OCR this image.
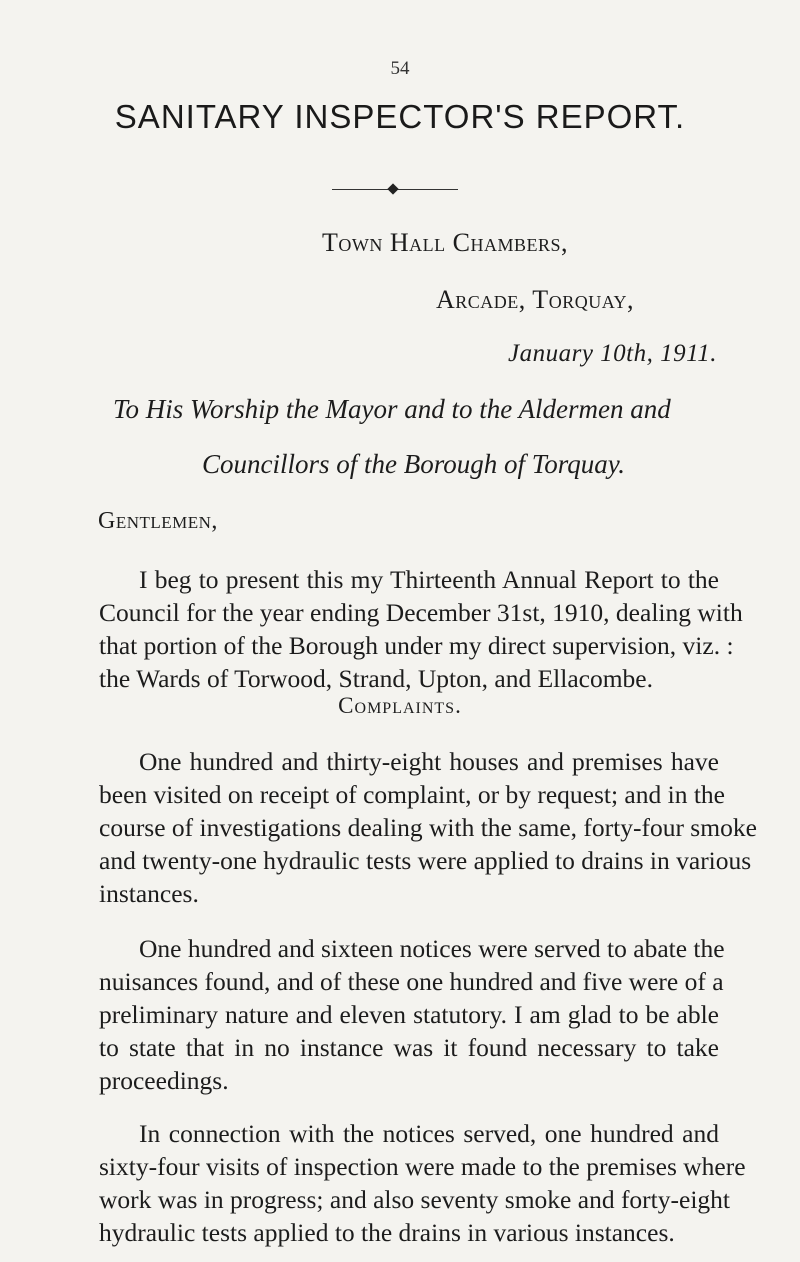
54
SANITARY INSPECTOR'S REPORT.
Town Hall Chambers,
Arcade, Torquay,
January 10th, 1911.
To His Worship the Mayor and to the Aldermen and
Councillors of the Borough of Torquay.
Gentlemen,
I beg to present this my Thirteenth Annual Report to the
Council for the year ending December 31st, 1910, dealing with
that portion of the Borough under my direct supervision, viz. :
the Wards of Torwood, Strand, Upton, and Ellacombe.
Complaints.
One hundred and thirty-eight houses and premises have
been visited on receipt of complaint, or by request; and in the
course of investigations dealing with the same, forty-four smoke
and twenty-one hydraulic tests were applied to drains in various
instances.
One hundred and sixteen notices were served to abate the
nuisances found, and of these one hundred and five were of a
preliminary nature and eleven statutory. I am glad to be able
to state that in no instance was it found necessary to take
proceedings.
In connection with the notices served, one hundred and
sixty-four visits of inspection were made to the premises where
work was in progress; and also seventy smoke and forty-eight
hydraulic tests applied to the drains in various instances.
